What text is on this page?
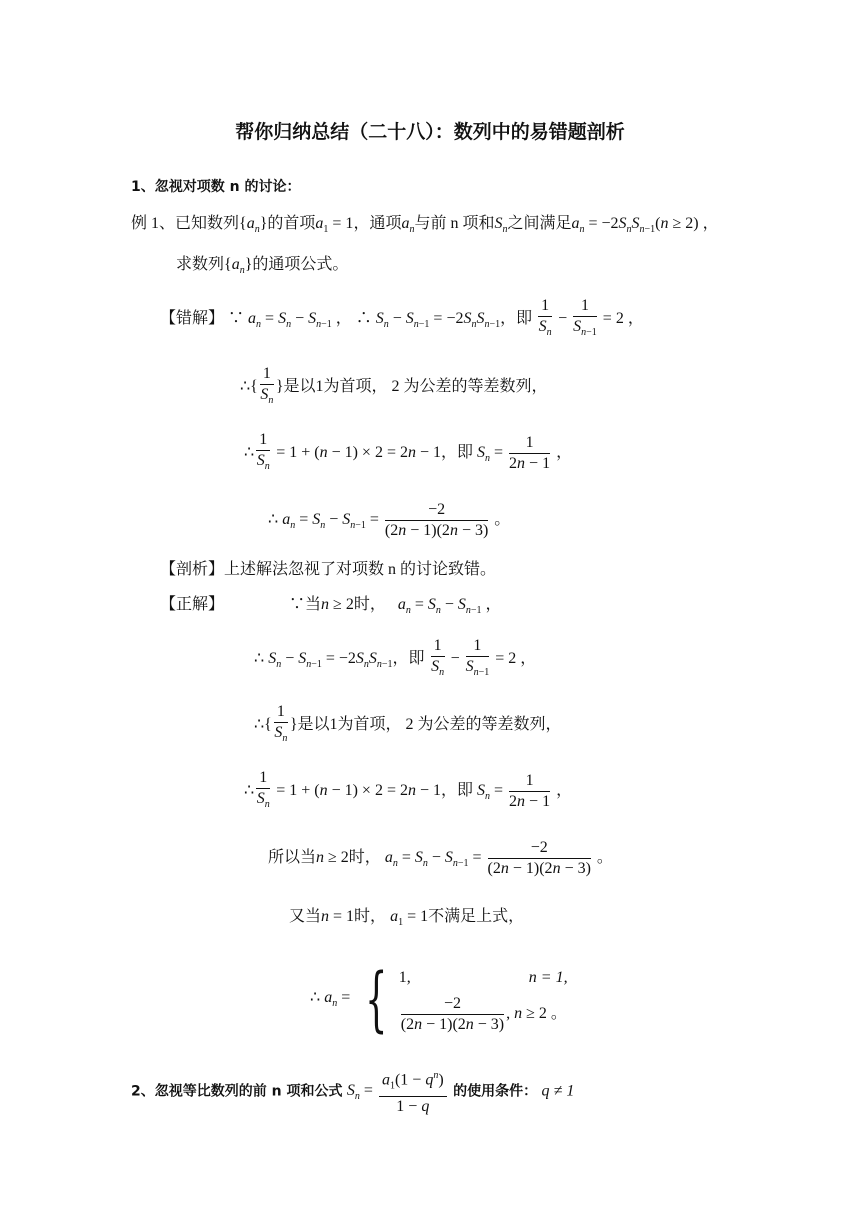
帮你归纳总结（二十八）：数列中的易错题剖析
1、忽视对项数 n 的讨论：
例 1、已知数列$\{a_n\}$的首项$a_1 = 1$，通项$a_n$与前 n 项和$S_n$之间满足$a_n = -2S_nS_{n-1}(n \ge 2)$ ，
求数列$\{a_n\}$的通项公式。
【错解】 ∵ $a_n = S_n - S_{n-1}$ ， ∴ $S_n - S_{n-1} = -2S_nS_{n-1}$，即 $\frac{1}{S_n} - \frac{1}{S_{n-1}} = 2$ ，
∴{ $\frac{1}{S_n}$ }是以1为首项， 2 为公差的等差数列，
∴ $\frac{1}{S_n} = 1 + (n - 1) \times 2 = 2n - 1$，即 $S_n = \frac{1}{2n - 1}$ ，
∴ $a_n = S_n - S_{n-1} = \frac{-2}{(2n - 1)(2n - 3)}$ 。
【剖析】上述解法忽视了对项数 n 的讨论致错。
【正解】	∵当n ≥ 2时， $a_n = S_n - S_{n-1}$ ，
∴ $S_n - S_{n-1} = -2S_nS_{n-1}$，即 $\frac{1}{S_n} - \frac{1}{S_{n-1}} = 2$ ，
∴{ $\frac{1}{S_n}$ }是以1为首项， 2 为公差的等差数列，
∴ $\frac{1}{S_n} = 1 + (n - 1) \times 2 = 2n - 1$，即 $S_n = \frac{1}{2n - 1}$ ，
所以当n ≥ 2时， $a_n = S_n - S_{n-1} = \frac{-2}{(2n - 1)(2n - 3)}$ 。
又当n = 1时， $a_1 = 1$不满足上式，
∴ $a_n$ = { 1,	n = 1,
$\frac{-2}{(2n - 1)(2n - 3)}$ , n ≥ 2 。
2、忽视等比数列的前 n 项和公式 $S_n = \frac{a_1(1 - q^n)}{1 - q}$ 的使用条件： q ≠ 1
